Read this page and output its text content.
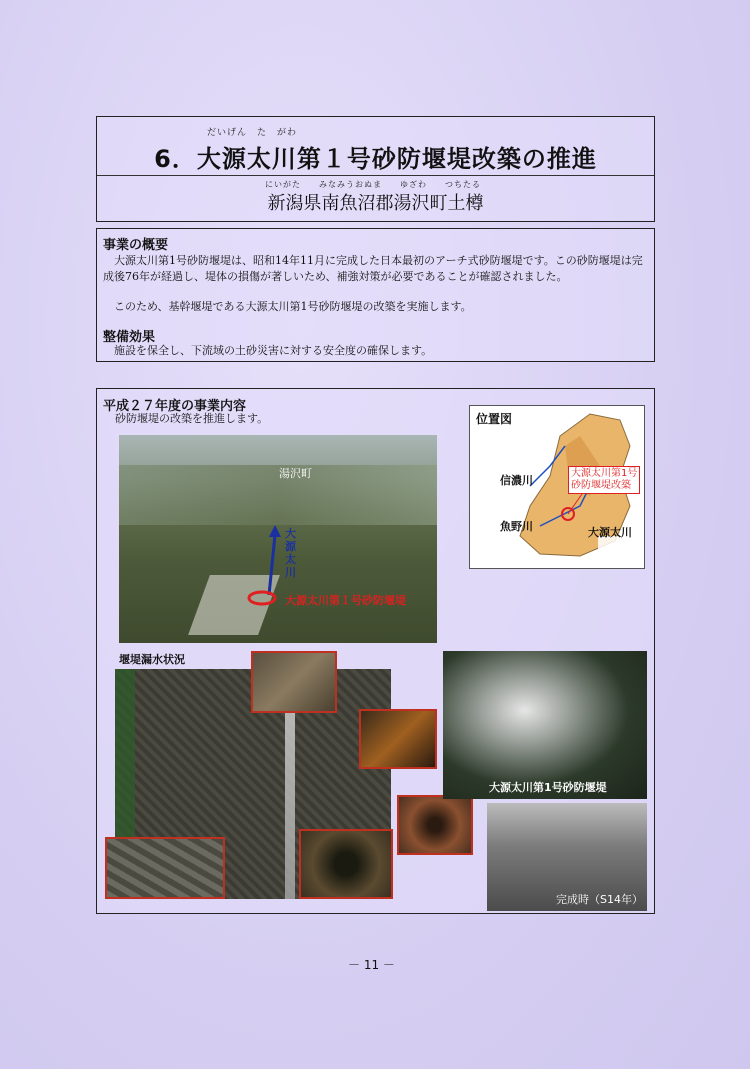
だいげん　た　がわ
6．大源太川第１号砂防堰堤改築の推進
にいがた　　みなみうおぬま　　ゆざわ　　つちたる
新潟県南魚沼郡湯沢町土樽
事業の概要
　大源太川第1号砂防堰堤は、昭和14年11月に完成した日本最初のアーチ式砂防堰堤です。この砂防堰堤は完成後76年が経過し、堤体の損傷が著しいため、補強対策が必要であることが確認されました。
　このため、基幹堰堤である大源太川第1号砂防堰堤の改築を実施します。
整備効果
　施設を保全し、下流域の土砂災害に対する安全度の確保します。
平成２７年度の事業内容
砂防堰堤の改築を推進します。
湯沢町
大源太川
大源太川第１号砂防堰堤
位置図
大源太川第1号
砂防堰堤改築
信濃川
魚野川	大源太川
堰堤漏水状況
大源太川第1号砂防堰堤
完成時（S14年）
－ 11 －
